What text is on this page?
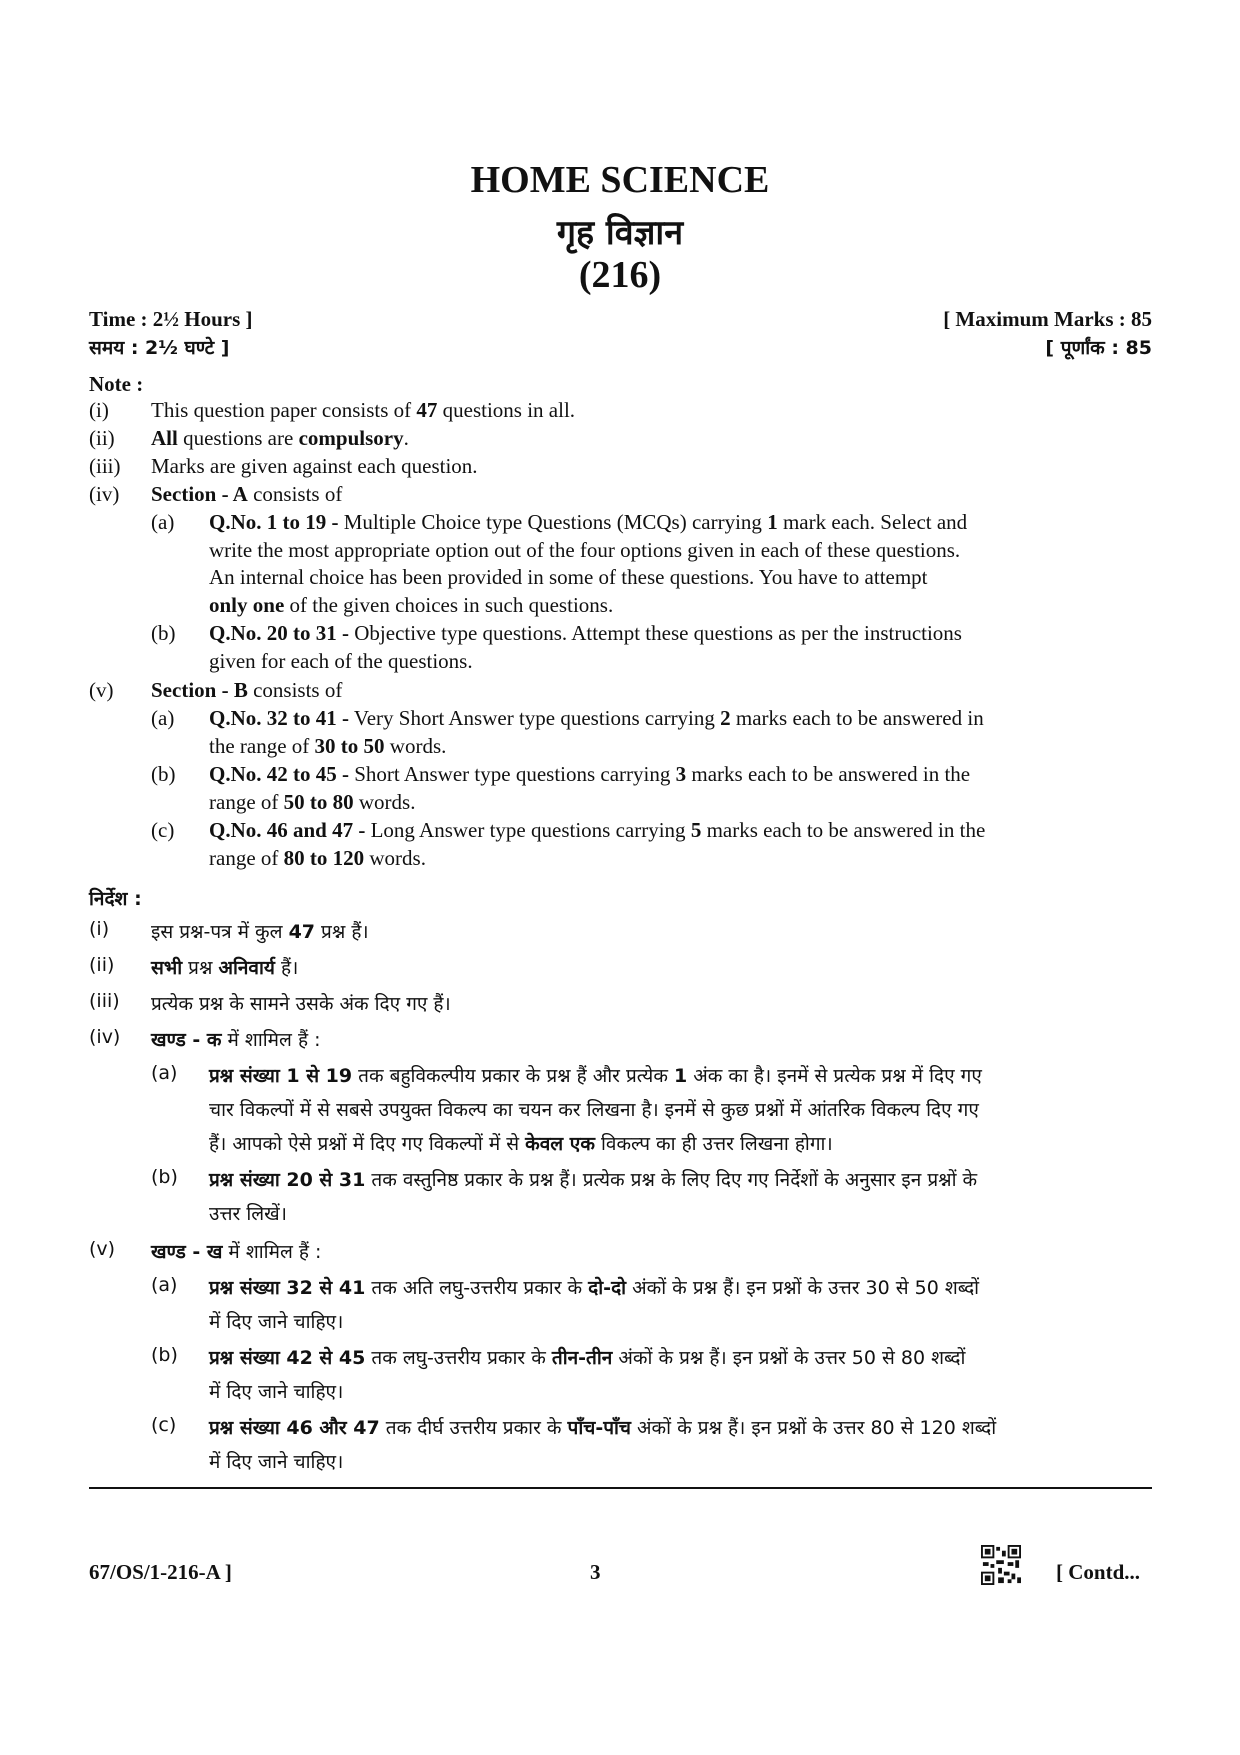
HOME SCIENCE
गृह विज्ञान
(216)
Time : 2½ Hours ]
समय : 2½ घण्टे ]
[ Maximum Marks : 85
[ पूर्णांक : 85
Note :
(i) This question paper consists of 47 questions in all.
(ii) All questions are compulsory.
(iii) Marks are given against each question.
(iv) Section - A consists of
(v) Section - B consists of
(a) Q.No. 1 to 19 - Multiple Choice type Questions (MCQs) carrying 1 mark each. Select and
write the most appropriate option out of the four options given in each of these questions.
An internal choice has been provided in some of these questions. You have to attempt
only one of the given choices in such questions.
(b) Q.No. 20 to 31 - Objective type questions. Attempt these questions as per the instructions
given for each of the questions.
(a) Q.No. 32 to 41 - Very Short Answer type questions carrying 2 marks each to be answered in
the range of 30 to 50 words.
(b) Q.No. 42 to 45 - Short Answer type questions carrying 3 marks each to be answered in the
range of 50 to 80 words.
(c) Q.No. 46 and 47 - Long Answer type questions carrying 5 marks each to be answered in the
range of 80 to 120 words.
निर्देश :
(i) इस प्रश्न-पत्र में कुल 47 प्रश्न हैं।
(ii) सभी प्रश्न अनिवार्य हैं।
(iii) प्रत्येक प्रश्न के सामने उसके अंक दिए गए हैं।
(iv) खण्ड - क में शामिल हैं :
(v) खण्ड - ख में शामिल हैं :
(a) प्रश्न संख्या 1 से 19 तक बहुविकल्पीय प्रकार के प्रश्न हैं और प्रत्येक 1 अंक का है। इनमें से प्रत्येक प्रश्न में दिए गए
चार विकल्पों में से सबसे उपयुक्त विकल्प का चयन कर लिखना है। इनमें से कुछ प्रश्नों में आंतरिक विकल्प दिए गए
हैं। आपको ऐसे प्रश्नों में दिए गए विकल्पों में से केवल एक विकल्प का ही उत्तर लिखना होगा।
(b) प्रश्न संख्या 20 से 31 तक वस्तुनिष्ठ प्रकार के प्रश्न हैं। प्रत्येक प्रश्न के लिए दिए गए निर्देशों के अनुसार इन प्रश्नों के
उत्तर लिखें।
(a) प्रश्न संख्या 32 से 41 तक अति लघु-उत्तरीय प्रकार के दो-दो अंकों के प्रश्न हैं। इन प्रश्नों के उत्तर 30 से 50 शब्दों
में दिए जाने चाहिए।
(b) प्रश्न संख्या 42 से 45 तक लघु-उत्तरीय प्रकार के तीन-तीन अंकों के प्रश्न हैं। इन प्रश्नों के उत्तर 50 से 80 शब्दों
में दिए जाने चाहिए।
(c) प्रश्न संख्या 46 और 47 तक दीर्घ उत्तरीय प्रकार के पाँच-पाँच अंकों के प्रश्न हैं। इन प्रश्नों के उत्तर 80 से 120 शब्दों
में दिए जाने चाहिए।
67/OS/1-216-A ]	3	[ Contd...
